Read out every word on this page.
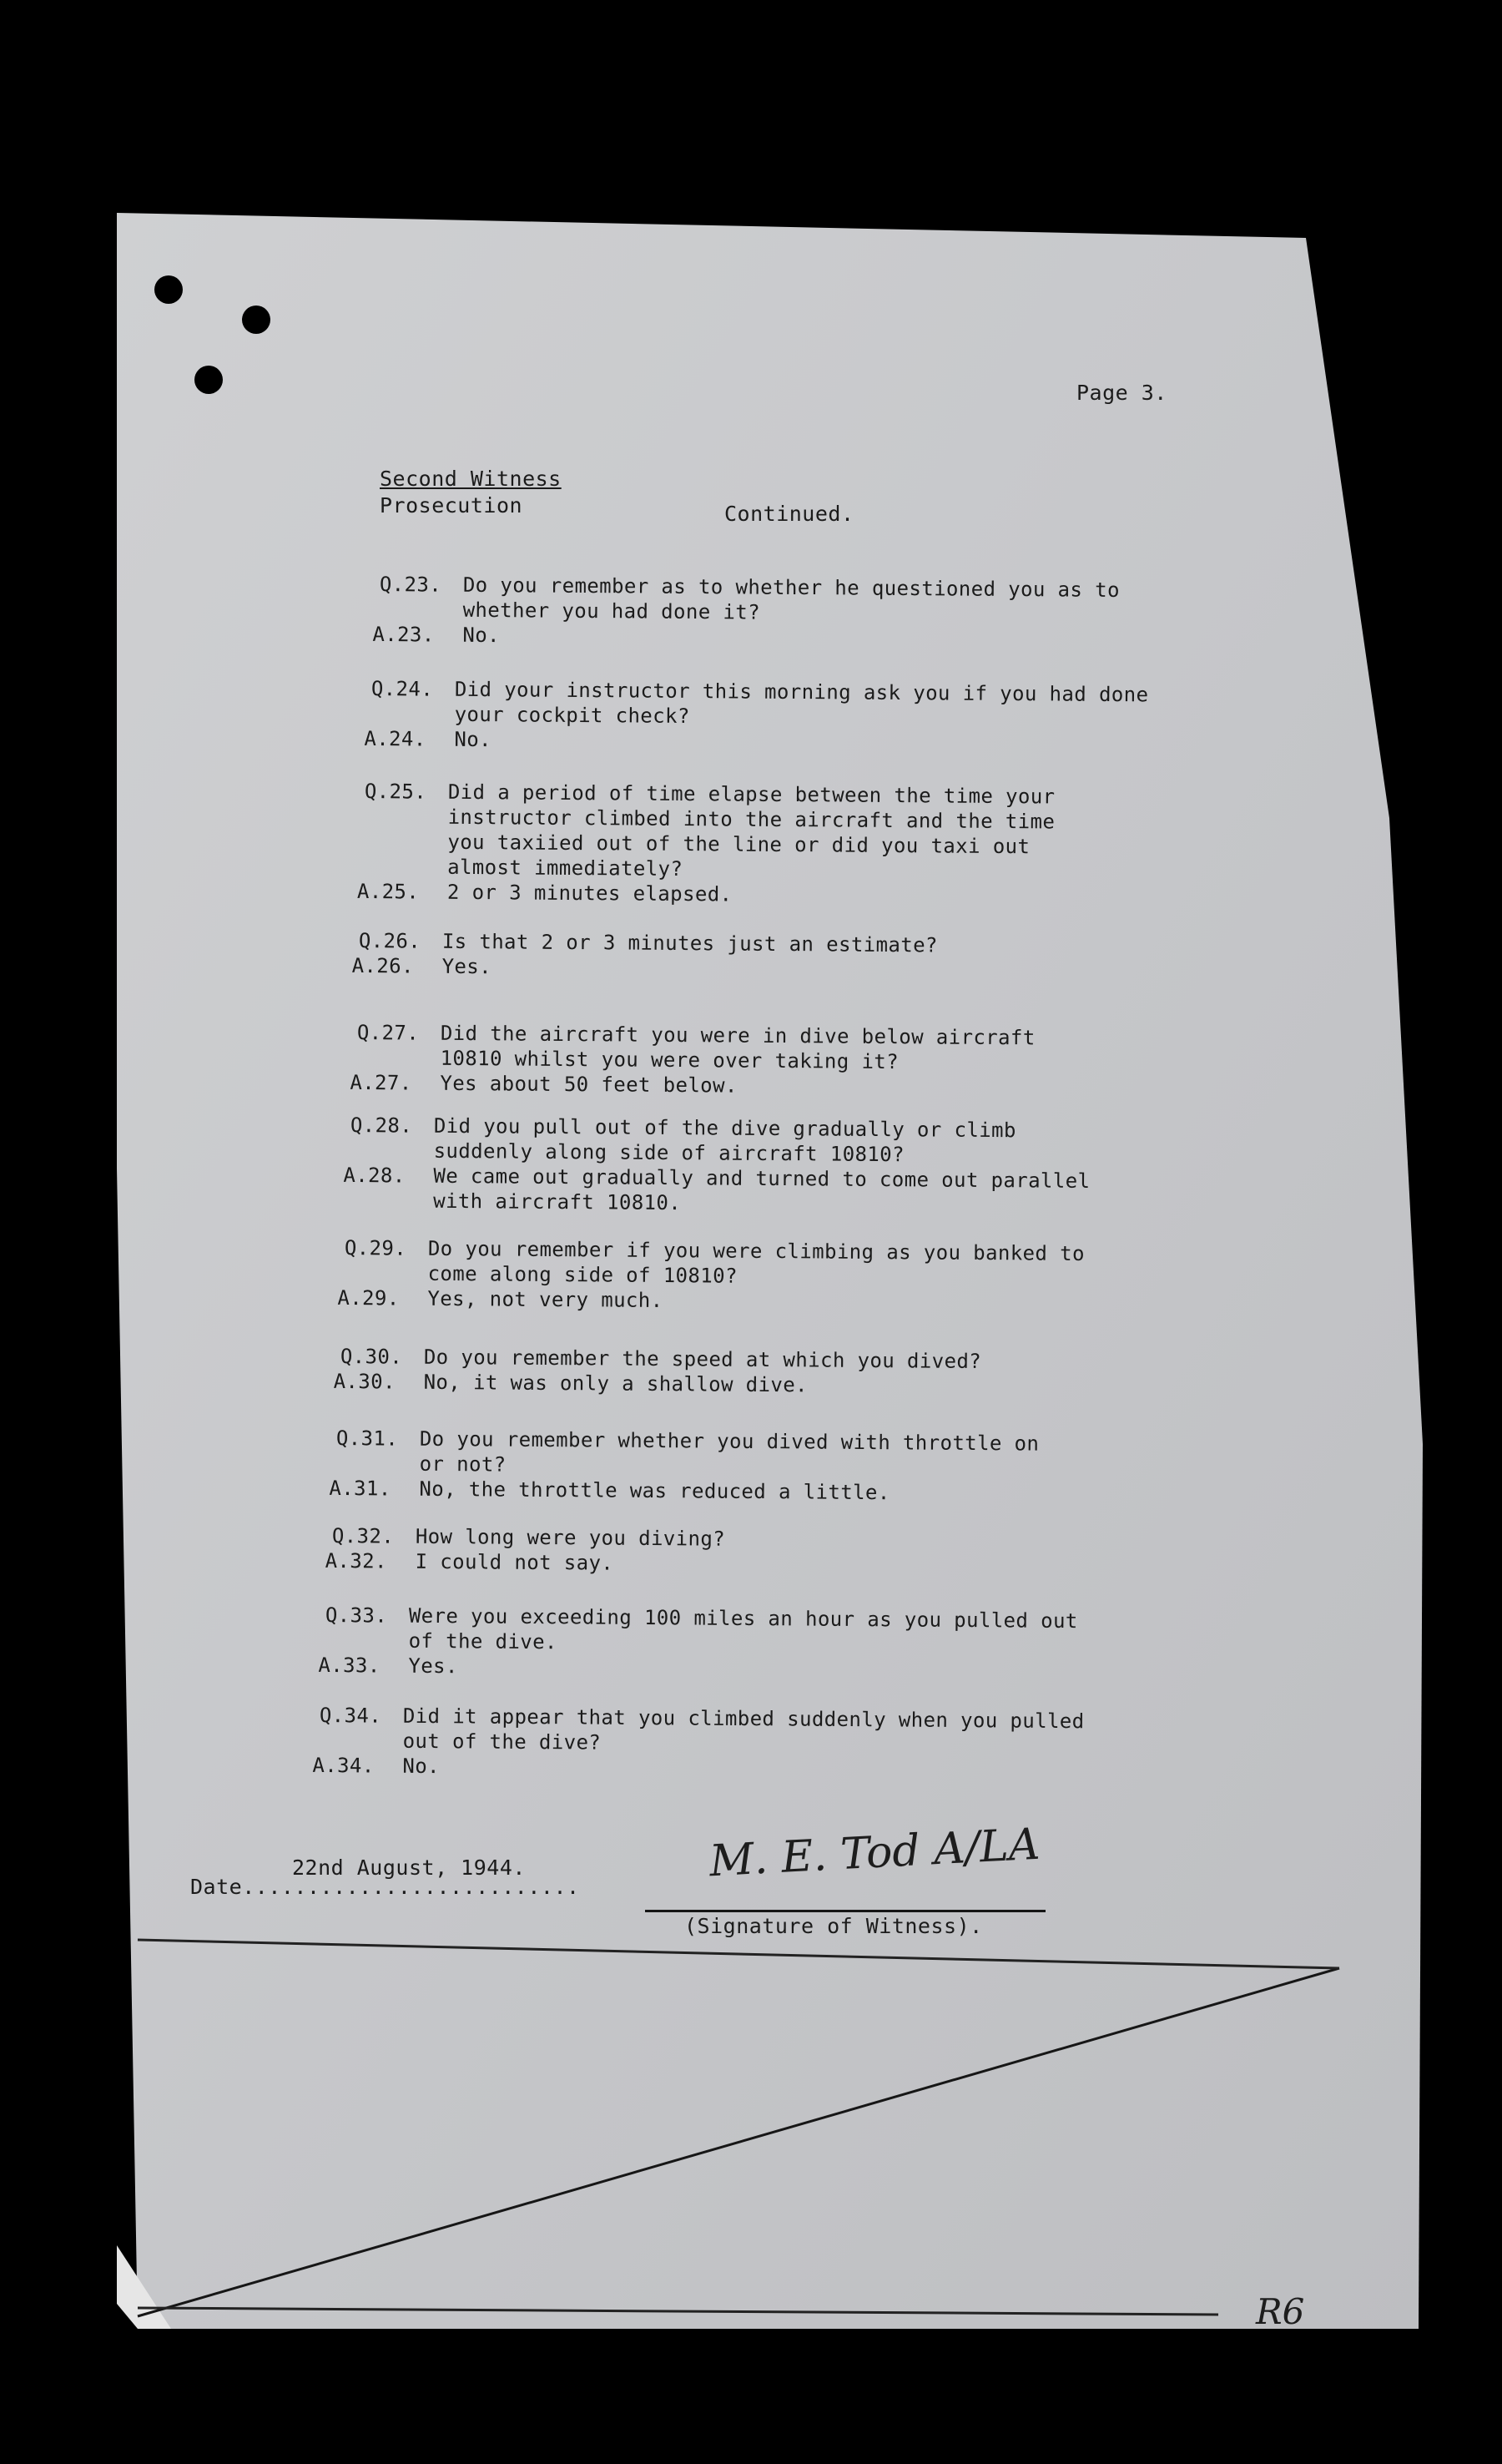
Page 3.
Second Witness
Prosecution	Continued.
Q.23.	Do you remember as to whether he questioned you as to
whether you had done it?
A.23.	No.
Q.24.	Did your instructor this morning ask you if you had done
your cockpit check?
A.24.	No.
Q.25.	Did a period of time elapse between the time your
instructor climbed into the aircraft and the time
you taxiied out of the line or did you taxi out
almost immediately?
A.25.	2 or 3 minutes elapsed.
Q.26.	Is that 2 or 3 minutes just an estimate?
A.26.	Yes.
Q.27.	Did the aircraft you were in dive below aircraft
10810 whilst you were over taking it?
A.27.	Yes about 50 feet below.
Q.28.	Did you pull out of the dive gradually or climb
suddenly along side of aircraft 10810?
A.28.	We came out gradually and turned to come out parallel
with aircraft 10810.
Q.29.	Do you remember if you were climbing as you banked to
come along side of 10810?
A.29.	Yes, not very much.
Q.30.	Do you remember the speed at which you dived?
A.30.	No, it was only a shallow dive.
Q.31.	Do you remember whether you dived with throttle on
or not?
A.31.	No, the throttle was reduced a little.
Q.32.	How long were you diving?
A.32.	I could not say.
Q.33.	Were you exceeding 100 miles an hour as you pulled out
of the dive.
A.33.	Yes.
Q.34.	Did it appear that you climbed suddenly when you pulled
out of the dive?
A.34.	No.
Date..........................
22nd August, 1944.	M. E. Tod A/LA
(Signature of Witness).
R6
